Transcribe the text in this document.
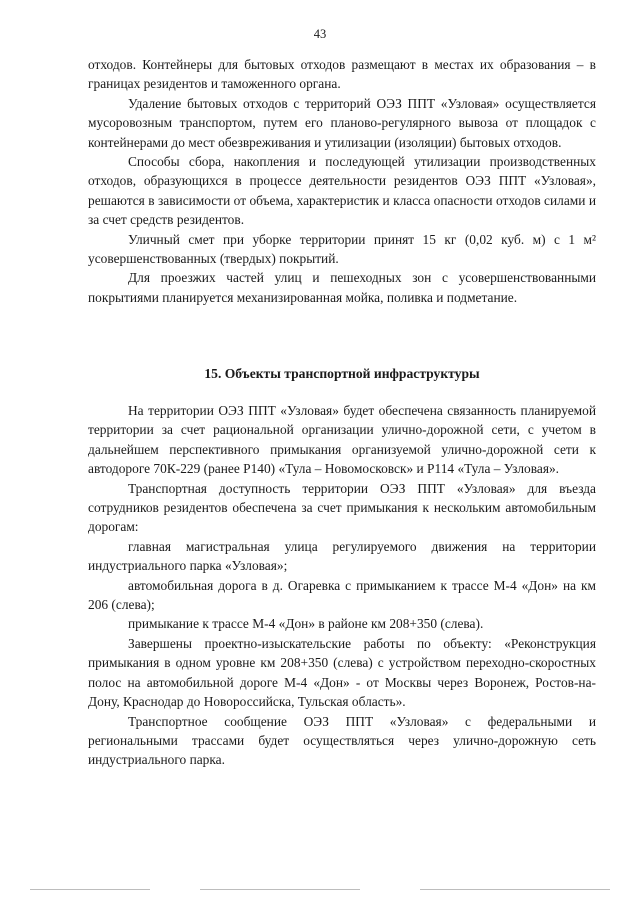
43

отходов. Контейнеры для бытовых отходов размещают в местах их образования – в границах резидентов и таможенного органа.

Удаление бытовых отходов с территорий ОЭЗ ППТ «Узловая» осуществляется мусоровозным транспортом, путем его планово-регулярного вывоза от площадок с контейнерами до мест обезвреживания и утилизации (изоляции) бытовых отходов.

Способы сбора, накопления и последующей утилизации производственных отходов, образующихся в процессе деятельности резидентов ОЭЗ ППТ «Узловая», решаются в зависимости от объема, характеристик и класса опасности отходов силами и за счет средств резидентов.

Уличный смет при уборке территории принят 15 кг (0,02 куб. м) с 1 м² усовершенствованных (твердых) покрытий.

Для проезжих частей улиц и пешеходных зон с усовершенствованными покрытиями планируется механизированная мойка, поливка и подметание.

15. Объекты транспортной инфраструктуры

На территории ОЭЗ ППТ «Узловая» будет обеспечена связанность планируемой территории за счет рациональной организации улично-дорожной сети, с учетом в дальнейшем перспективного примыкания организуемой улично-дорожной сети к автодороге 70К-229 (ранее Р140) «Тула – Новомосковск» и Р114 «Тула – Узловая».

Транспортная доступность территории ОЭЗ ППТ «Узловая» для въезда сотрудников резидентов обеспечена за счет примыкания к нескольким автомобильным дорогам:

главная магистральная улица регулируемого движения на территории индустриального парка «Узловая»;

автомобильная дорога в д. Огаревка с примыканием к трассе М-4 «Дон» на км 206 (слева);

примыкание к трассе М-4 «Дон» в районе км 208+350 (слева).

Завершены проектно-изыскательские работы по объекту: «Реконструкция примыкания в одном уровне км 208+350 (слева) с устройством переходно-скоростных полос на автомобильной дороге М-4 «Дон» - от Москвы через Воронеж, Ростов-на-Дону, Краснодар до Новороссийска, Тульская область».

Транспортное сообщение ОЭЗ ППТ «Узловая» с федеральными и региональными трассами будет осуществляться через улично-дорожную сеть индустриального парка.
